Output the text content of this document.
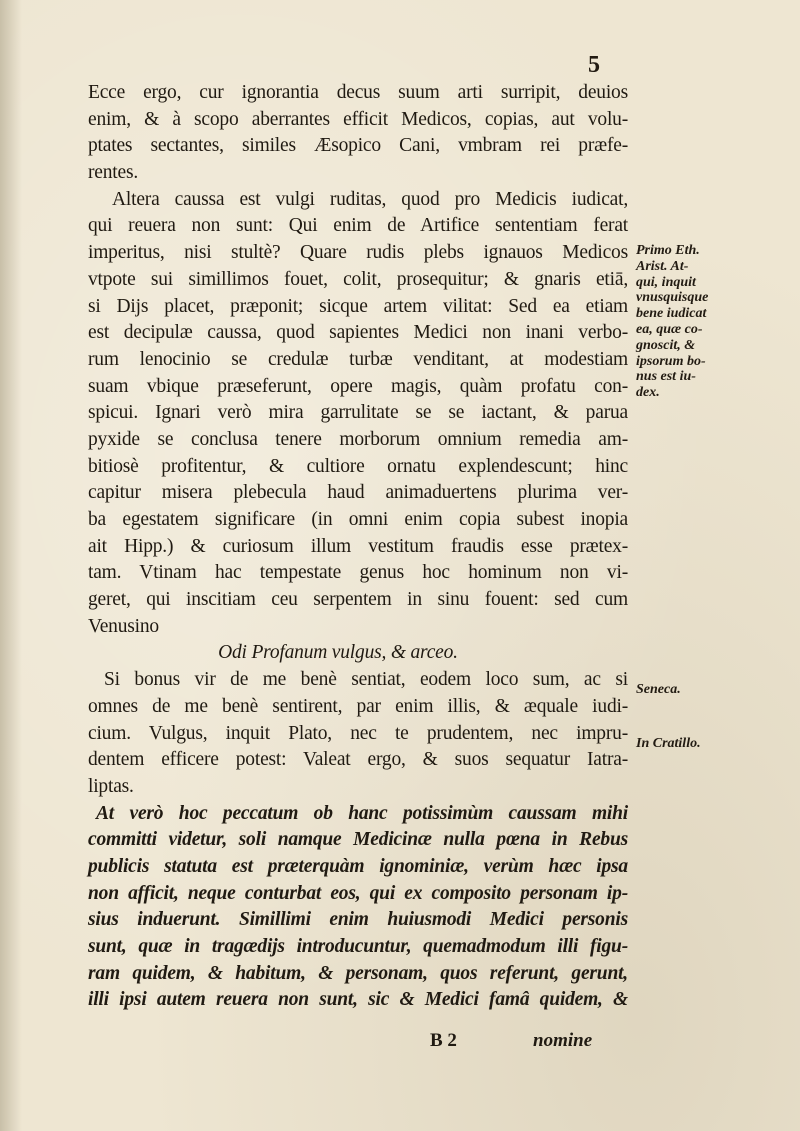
5
Ecce ergo, cur ignorantia decus suum arti surripit, deuios
enim, & à scopo aberrantes efficit Medicos, copias, aut volu-
ptates sectantes, similes Æsopico Cani, vmbram rei præfe-
rentes.
Altera caussa est vulgi ruditas, quod pro Medicis iudicat,
qui reuera non sunt: Qui enim de Artifice sententiam ferat
imperitus, nisi stultè? Quare rudis plebs ignauos Medicos
vtpote sui simillimos fouet, colit, prosequitur; & gnaris etiā,
si Dijs placet, præponit; sicque artem vilitat: Sed ea etiam
est decipulæ caussa, quod sapientes Medici non inani verbo-
rum lenocinio se credulæ turbæ venditant, at modestiam
suam vbique præseferunt, opere magis, quàm profatu con-
spicui. Ignari verò mira garrulitate se se iactant, & parua
pyxide se conclusa tenere morborum omnium remedia am-
bitiosè profitentur, & cultiore ornatu explendescunt; hinc
capitur misera plebecula haud animaduertens plurima ver-
ba egestatem significare (in omni enim copia subest inopia
ait Hipp.) & curiosum illum vestitum fraudis esse prætex-
tam. Vtinam hac tempestate genus hoc hominum non vi-
geret, qui inscitiam ceu serpentem in sinu fouent: sed cum
Venusino
Odi Profanum vulgus, & arceo.
Si bonus vir de me benè sentiat, eodem loco sum, ac si
omnes de me benè sentirent, par enim illis, & æquale iudi-
cium. Vulgus, inquit Plato, nec te prudentem, nec impru-
dentem efficere potest: Valeat ergo, & suos sequatur Iatra-
liptas.
At verò hoc peccatum ob hanc potissimùm caussam mihi
committi videtur, soli namque Medicinæ nulla pœna in Rebus
publicis statuta est præterquàm ignominiæ, verùm hæc ipsa
non afficit, neque conturbat eos, qui ex composito personam ip-
sius induerunt. Simillimi enim huiusmodi Medici personis
sunt, quæ in tragædijs introducuntur, quemadmodum illi figu-
ram quidem, & habitum, & personam, quos referunt, gerunt,
illi ipsi autem reuera non sunt, sic & Medici famâ quidem, &
Primo Eth.
Arist. At-
qui, inquit
vnusquisque
bene iudicat
ea, quæ co-
gnoscit, &
ipsorum bo-
nus est iu-
dex.
Seneca.
In Cratillo.
B 2	nomine
